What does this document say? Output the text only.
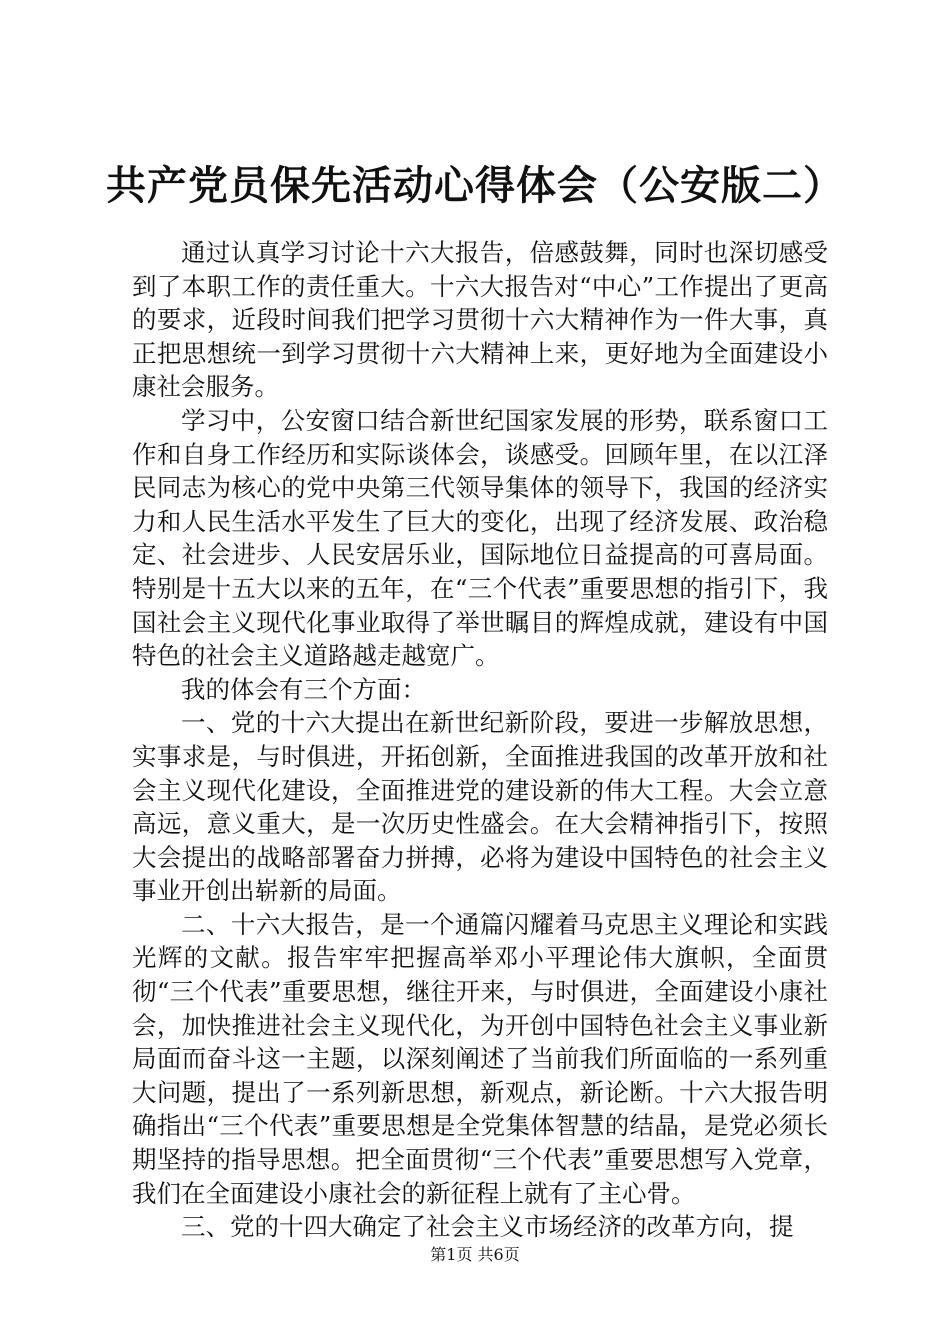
共产党员保先活动心得体会（公安版二）

通过认真学习讨论十六大报告，倍感鼓舞，同时也深切感受到了本职工作的责任重大。十六大报告对“中心”工作提出了更高的要求，近段时间我们把学习贯彻十六大精神作为一件大事，真正把思想统一到学习贯彻十六大精神上来，更好地为全面建设小康社会服务。

学习中，公安窗口结合新世纪国家发展的形势，联系窗口工作和自身工作经历和实际谈体会，谈感受。回顾年里，在以江泽民同志为核心的党中央第三代领导集体的领导下，我国的经济实力和人民生活水平发生了巨大的变化，出现了经济发展、政治稳定、社会进步、人民安居乐业，国际地位日益提高的可喜局面。特别是十五大以来的五年，在“三个代表”重要思想的指引下，我国社会主义现代化事业取得了举世瞩目的辉煌成就，建设有中国特色的社会主义道路越走越宽广。

我的体会有三个方面：

一、党的十六大提出在新世纪新阶段，要进一步解放思想，实事求是，与时俱进，开拓创新，全面推进我国的改革开放和社会主义现代化建设，全面推进党的建设新的伟大工程。大会立意高远，意义重大，是一次历史性盛会。在大会精神指引下，按照大会提出的战略部署奋力拼搏，必将为建设中国特色的社会主义事业开创出崭新的局面。

二、十六大报告，是一个通篇闪耀着马克思主义理论和实践光辉的文献。报告牢牢把握高举邓小平理论伟大旗帜，全面贯彻“三个代表”重要思想，继往开来，与时俱进，全面建设小康社会，加快推进社会主义现代化，为开创中国特色社会主义事业新局面而奋斗这一主题，以深刻阐述了当前我们所面临的一系列重大问题，提出了一系列新思想，新观点，新论断。十六大报告明确指出“三个代表”重要思想是全党集体智慧的结晶，是党必须长期坚持的指导思想。把全面贯彻“三个代表”重要思想写入党章，我们在全面建设小康社会的新征程上就有了主心骨。

三、党的十四大确定了社会主义市场经济的改革方向，提

第1页 共6页
